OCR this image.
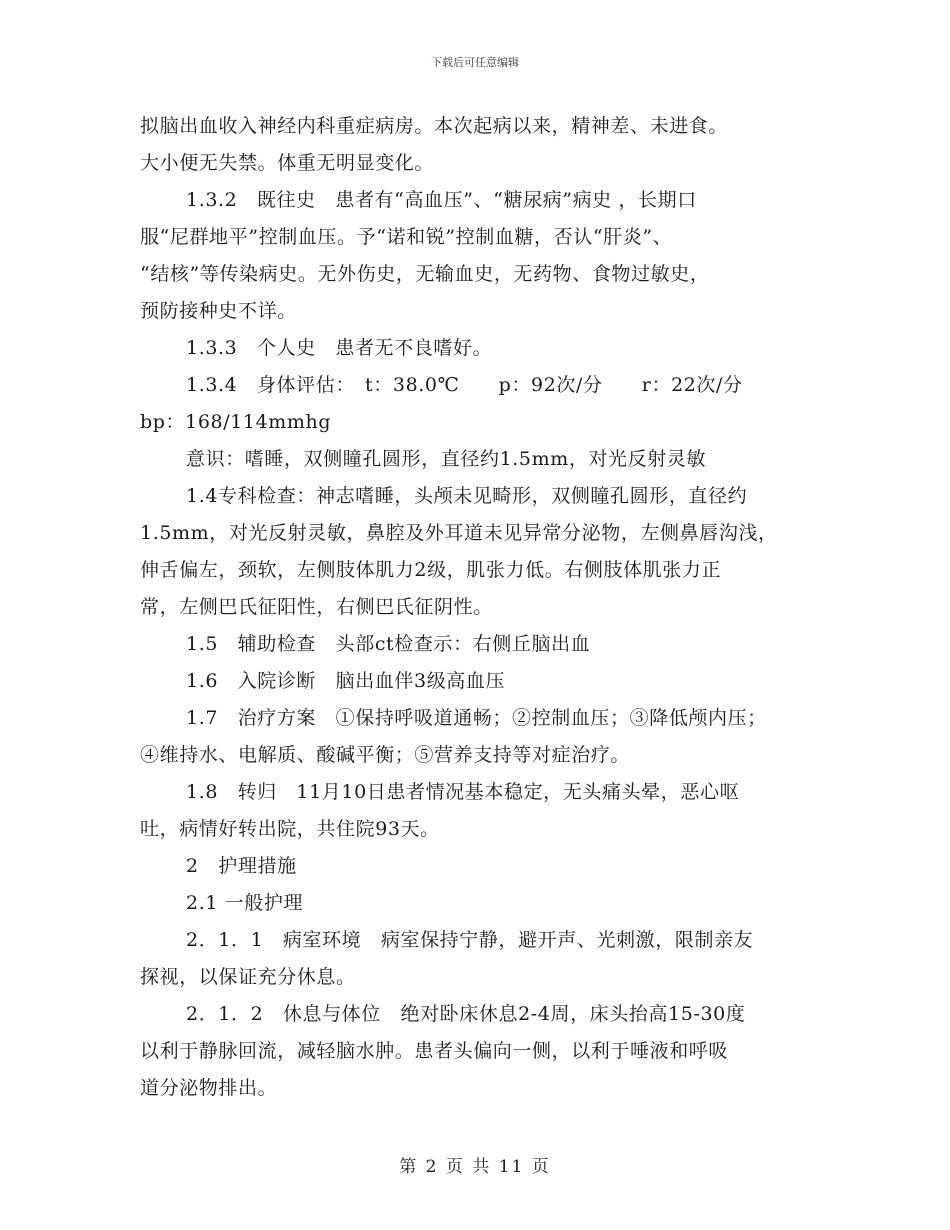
下载后可任意编辑
拟脑出血收入神经内科重症病房。本次起病以来，精神差、未进食。
大小便无失禁。体重无明显变化。
1.3.2　既往史　患者有“高血压”、“糖尿病”病史 ，长期口
服“尼群地平”控制血压。予“诺和锐”控制血糖，否认“肝炎”、
“结核”等传染病史。无外伤史，无输血史，无药物、食物过敏史，
预防接种史不详。
1.3.3　个人史　患者无不良嗜好。
1.3.4　身体评估：　t：38.0℃　　p：92次/分　　r：22次/分
bp：168/114mmhg
意识：嗜睡，双侧瞳孔圆形，直径约1.5mm，对光反射灵敏
1.4专科检查：神志嗜睡，头颅未见畸形，双侧瞳孔圆形，直径约
1.5mm，对光反射灵敏，鼻腔及外耳道未见异常分泌物，左侧鼻唇沟浅，
伸舌偏左，颈软，左侧肢体肌力2级，肌张力低。右侧肢体肌张力正
常，左侧巴氏征阳性，右侧巴氏征阴性。
1.5　辅助检查　头部ct检查示：右侧丘脑出血
1.6　入院诊断　脑出血伴3级高血压
1.7　治疗方案　①保持呼吸道通畅；②控制血压；③降低颅内压；
④维持水、电解质、酸碱平衡；⑤营养支持等对症治疗。
1.8　转归　11月10日患者情况基本稳定，无头痛头晕，恶心呕
吐，病情好转出院，共住院93天。
2　护理措施
2.1 一般护理
2．1．1　病室环境　病室保持宁静，避开声、光刺激，限制亲友
探视，以保证充分休息。
2．1．2　休息与体位　绝对卧床休息2-4周，床头抬高15-30度
以利于静脉回流，减轻脑水肿。患者头偏向一侧，以利于唾液和呼吸
道分泌物排出。
第 2 页 共 11 页
